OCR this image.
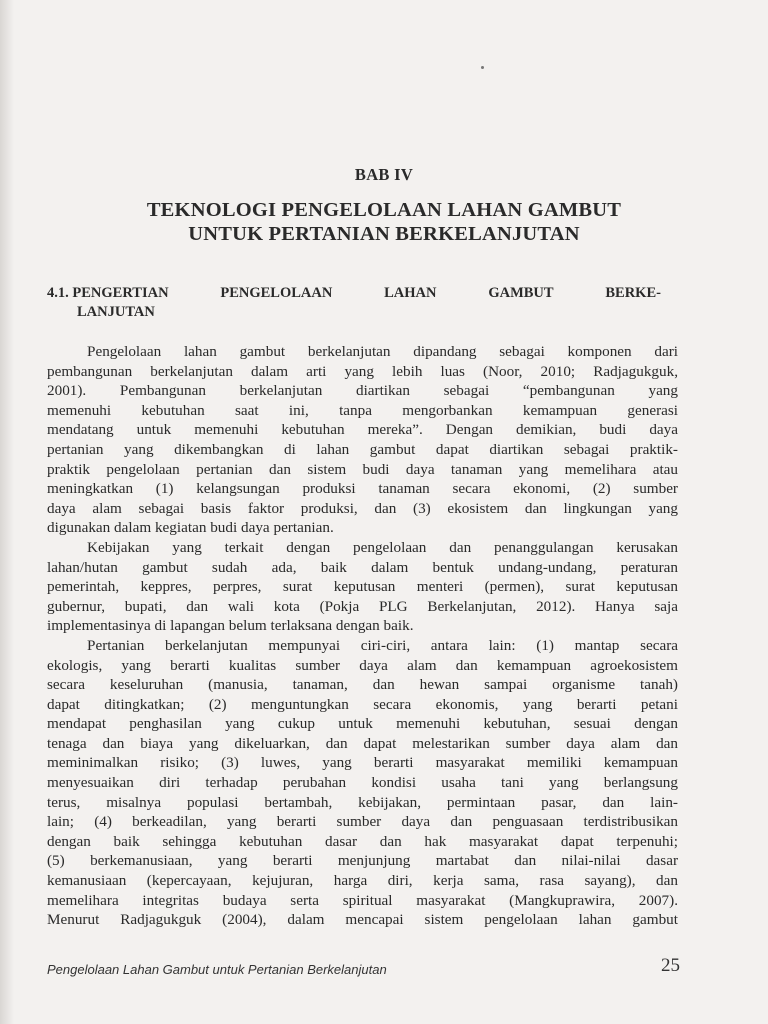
BAB IV
TEKNOLOGI PENGELOLAAN LAHAN GAMBUT
UNTUK PERTANIAN BERKELANJUTAN
4.1. PENGERTIAN	PENGELOLAAN	LAHAN	GAMBUT	BERKE-
LANJUTAN
Pengelolaan lahan gambut berkelanjutan dipandang sebagai komponen dari
pembangunan berkelanjutan dalam arti yang lebih luas (Noor, 2010; Radjagukguk,
2001). Pembangunan berkelanjutan diartikan sebagai “pembangunan yang
memenuhi kebutuhan saat ini, tanpa mengorbankan kemampuan generasi
mendatang untuk memenuhi kebutuhan mereka”. Dengan demikian, budi daya
pertanian yang dikembangkan di lahan gambut dapat diartikan sebagai praktik-
praktik pengelolaan pertanian dan sistem budi daya tanaman yang memelihara atau
meningkatkan (1) kelangsungan produksi tanaman secara ekonomi, (2) sumber
daya alam sebagai basis faktor produksi, dan (3) ekosistem dan lingkungan yang
digunakan dalam kegiatan budi daya pertanian.
Kebijakan yang terkait dengan pengelolaan dan penanggulangan kerusakan
lahan/hutan gambut sudah ada, baik dalam bentuk undang-undang, peraturan
pemerintah, keppres, perpres, surat keputusan menteri (permen), surat keputusan
gubernur, bupati, dan wali kota (Pokja PLG Berkelanjutan, 2012). Hanya saja
implementasinya di lapangan belum terlaksana dengan baik.
Pertanian berkelanjutan mempunyai ciri-ciri, antara lain: (1) mantap secara
ekologis, yang berarti kualitas sumber daya alam dan kemampuan agroekosistem
secara keseluruhan (manusia, tanaman, dan hewan sampai organisme tanah)
dapat ditingkatkan; (2) menguntungkan secara ekonomis, yang berarti petani
mendapat penghasilan yang cukup untuk memenuhi kebutuhan, sesuai dengan
tenaga dan biaya yang dikeluarkan, dan dapat melestarikan sumber daya alam dan
meminimalkan risiko; (3) luwes, yang berarti masyarakat memiliki kemampuan
menyesuaikan diri terhadap perubahan kondisi usaha tani yang berlangsung
terus, misalnya populasi bertambah, kebijakan, permintaan pasar, dan lain-
lain; (4) berkeadilan, yang berarti sumber daya dan penguasaan terdistribusikan
dengan baik sehingga kebutuhan dasar dan hak masyarakat dapat terpenuhi;
(5) berkemanusiaan, yang berarti menjunjung martabat dan nilai-nilai dasar
kemanusiaan (kepercayaan, kejujuran, harga diri, kerja sama, rasa sayang), dan
memelihara integritas budaya serta spiritual masyarakat (Mangkuprawira, 2007).
Menurut Radjagukguk (2004), dalam mencapai sistem pengelolaan lahan gambut
Pengelolaan Lahan Gambut untuk Pertanian Berkelanjutan	25
